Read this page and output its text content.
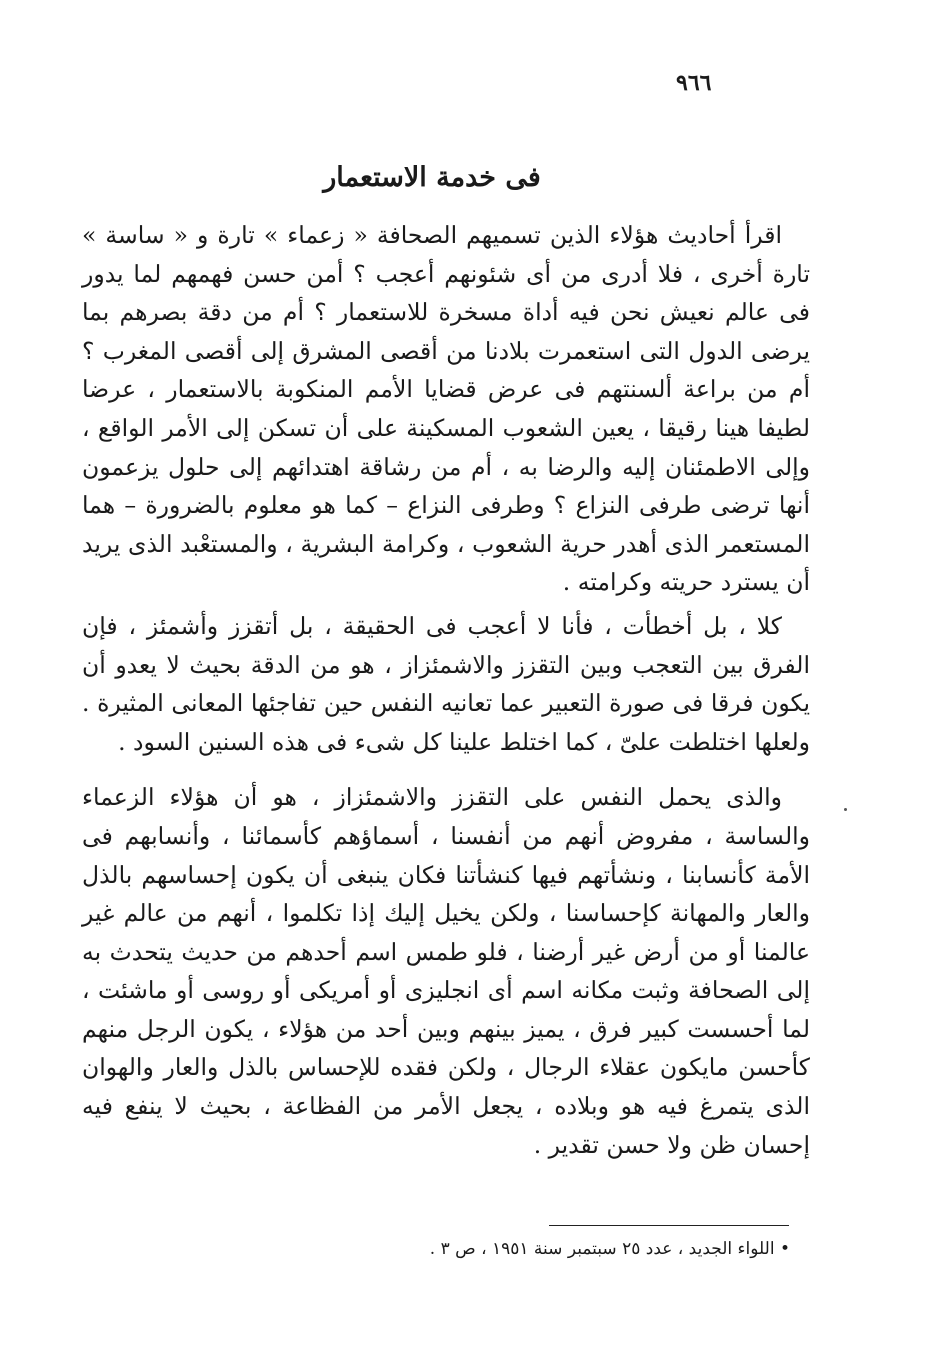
٩٦٦
فى خدمة الاستعمار

اقرأ أحاديث هؤلاء الذين تسميهم الصحافة « زعماء » تارة و « ساسة » تارة أخرى ، فلا أدرى من أى شئونهم أعجب ؟ أمن حسن فهمهم لما يدور فى عالم نعيش نحن فيه أداة مسخرة للاستعمار ؟ أم من دقة بصرهم بما يرضى الدول التى استعمرت بلادنا من أقصى المشرق إلى أقصى المغرب ؟ أم من براعة ألسنتهم فى عرض قضايا الأمم المنكوبة بالاستعمار ، عرضا لطيفا هينا رقيقا ، يعين الشعوب المسكينة على أن تسكن إلى الأمر الواقع ، وإلى الاطمئنان إليه والرضا به ، أم من رشاقة اهتدائهم إلى حلول يزعمون أنها ترضى طرفى النزاع ؟ وطرفى النزاع – كما هو معلوم بالضرورة – هما المستعمر الذى أهدر حرية الشعوب ، وكرامة البشرية ، والمستعْبد الذى يريد أن يسترد حريته وكرامته .

كلا ، بل أخطأت ، فأنا لا أعجب فى الحقيقة ، بل أتقزز وأشمئز ، فإن الفرق بين التعجب وبين التقزز والاشمئزاز ، هو من الدقة بحيث لا يعدو أن يكون فرقا فى صورة التعبير عما تعانيه النفس حين تفاجئها المعانى المثيرة . ولعلها اختلطت علىّ ، كما اختلط علينا كل شىء فى هذه السنين السود .

والذى يحمل النفس على التقزز والاشمئزاز ، هو أن هؤلاء الزعماء والساسة ، مفروض أنهم من أنفسنا ، أسماؤهم كأسمائنا ، وأنسابهم فى الأمة كأنسابنا ، ونشأتهم فيها كنشأتنا فكان ينبغى أن يكون إحساسهم بالذل والعار والمهانة كإحساسنا ، ولكن يخيل إليك إذا تكلموا ، أنهم من عالم غير عالمنا أو من أرض غير أرضنا ، فلو طمس اسم أحدهم من حديث يتحدث به إلى الصحافة وثبت مكانه اسم أى انجليزى أو أمريكى أو روسى أو ماشئت ، لما أحسست كبير فرق ، يميز بينهم وبين أحد من هؤلاء ، يكون الرجل منهم كأحسن مايكون عقلاء الرجال ، ولكن فقده للإحساس بالذل والعار والهوان الذى يتمرغ فيه هو وبلاده ، يجعل الأمر من الفظاعة ، بحيث لا ينفع فيه إحسان ظن ولا حسن تقدير .

• اللواء الجديد ، عدد ٢٥ سبتمبر سنة ١٩٥١ ، ص ٣ .
